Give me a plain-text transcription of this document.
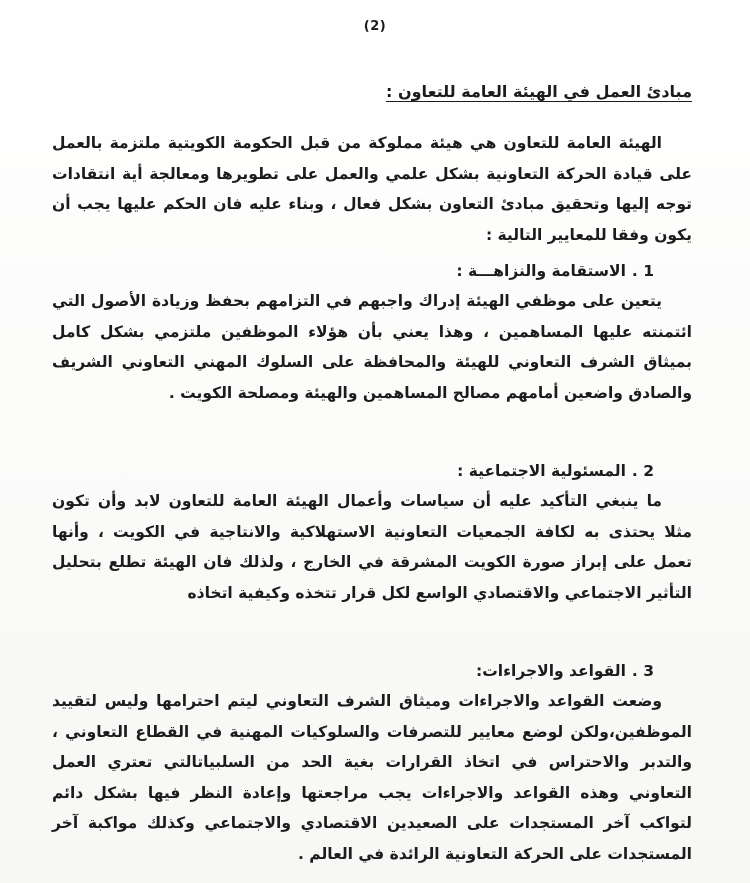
(2)

مبادئ العمل في الهيئة العامة للتعاون :

الهيئة العامة للتعاون هي هيئة مملوكة من قبل الحكومة الكويتية ملتزمة بالعمل على قيادة الحركة التعاونية بشكل علمي والعمل على تطويرها ومعالجة أية انتقادات توجه إليها وتحقيق مبادئ التعاون بشكل فعال ، وبناء عليه فان الحكم عليها يجب أن يكون وفقا للمعايير التالية :

1 .الاستقامة والنزاهـــة :

يتعين على موظفي الهيئة إدراك واجبهم في التزامهم بحفظ وزيادة الأصول التي ائتمنته عليها المساهمين ، وهذا يعني بأن هؤلاء الموظفين ملتزمي بشكل كامل بميثاق الشرف التعاوني للهيئة والمحافظة على السلوك المهني التعاوني الشريف والصادق واضعين أمامهم مصالح المساهمين والهيئة ومصلحة الكويت .

2 .المسئولية الاجتماعية :

ما ينبغي التأكيد عليه أن سياسات وأعمال الهيئة العامة للتعاون لابد وأن تكون مثلا يحتذى به لكافة الجمعيات التعاونية الاستهلاكية والانتاجية في الكويت ، وأنها تعمل على إبراز صورة الكويت المشرقة في الخارج ، ولذلك فان الهيئة تطلع بتحليل التأثير الاجتماعي والاقتصادي الواسع لكل قرار تتخذه وكيفية اتخاذه

3 .القواعد والاجراءات:

وضعت القواعد والاجراءات وميثاق الشرف التعاوني ليتم احترامها وليس لتقييد الموظفين،ولكن لوضع معايير للتصرفات والسلوكيات المهنية في القطاع التعاوني ، والتدبر والاحتراس في اتخاذ القرارات بغية الحد من السلبياتالتي تعتري العمل التعاوني وهذه القواعد والاجراءات يجب مراجعتها وإعادة النظر فيها بشكل دائم لتواكب آخر المستجدات على الصعيدين الاقتصادي والاجتماعي وكذلك مواكبة آخر المستجدات على الحركة التعاونية الرائدة في العالم .
